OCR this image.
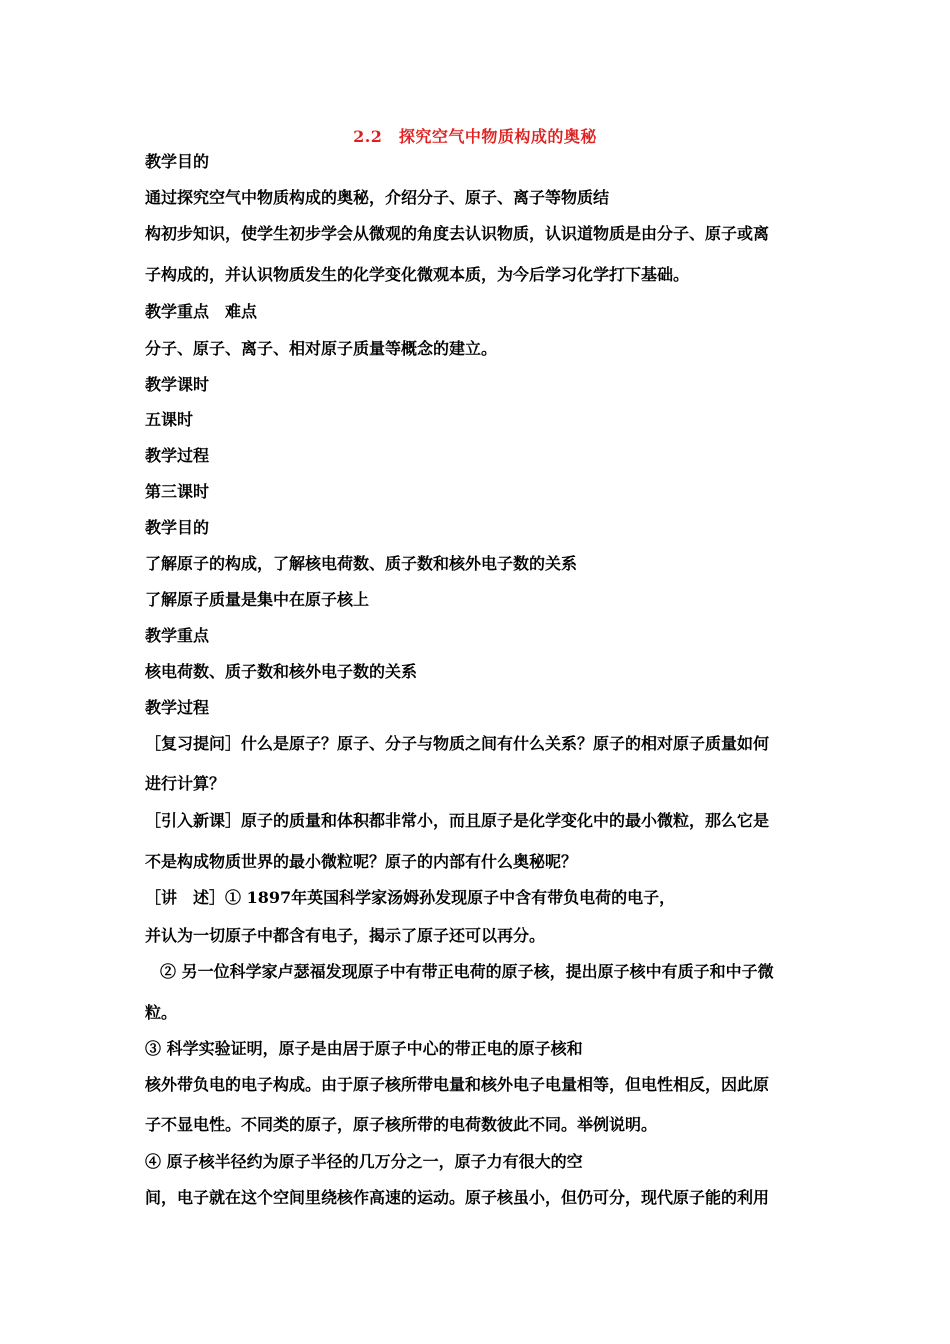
2.2　探究空气中物质构成的奥秘
教学目的
通过探究空气中物质构成的奥秘，介绍分子、原子、离子等物质结
构初步知识，使学生初步学会从微观的角度去认识物质，认识道物质是由分子、原子或离
子构成的，并认识物质发生的化学变化微观本质，为今后学习化学打下基础。
教学重点　难点
分子、原子、离子、相对原子质量等概念的建立。
教学课时
五课时
教学过程
第三课时
教学目的
了解原子的构成，了解核电荷数、质子数和核外电子数的关系
了解原子质量是集中在原子核上
教学重点
核电荷数、质子数和核外电子数的关系
教学过程
［复习提问］什么是原子？原子、分子与物质之间有什么关系？原子的相对原子质量如何
进行计算？
［引入新课］原子的质量和体积都非常小，而且原子是化学变化中的最小微粒，那么它是
不是构成物质世界的最小微粒呢？原子的内部有什么奥秘呢？
［讲　述］① 1897年英国科学家汤姆孙发现原子中含有带负电荷的电子，
并认为一切原子中都含有电子，揭示了原子还可以再分。
② 另一位科学家卢瑟福发现原子中有带正电荷的原子核，提出原子核中有质子和中子微
粒。
③ 科学实验证明，原子是由居于原子中心的带正电的原子核和
核外带负电的电子构成。由于原子核所带电量和核外电子电量相等，但电性相反，因此原
子不显电性。不同类的原子，原子核所带的电荷数彼此不同。举例说明。
④ 原子核半径约为原子半径的几万分之一，原子力有很大的空
间，电子就在这个空间里绕核作高速的运动。原子核虽小，但仍可分，现代原子能的利用
